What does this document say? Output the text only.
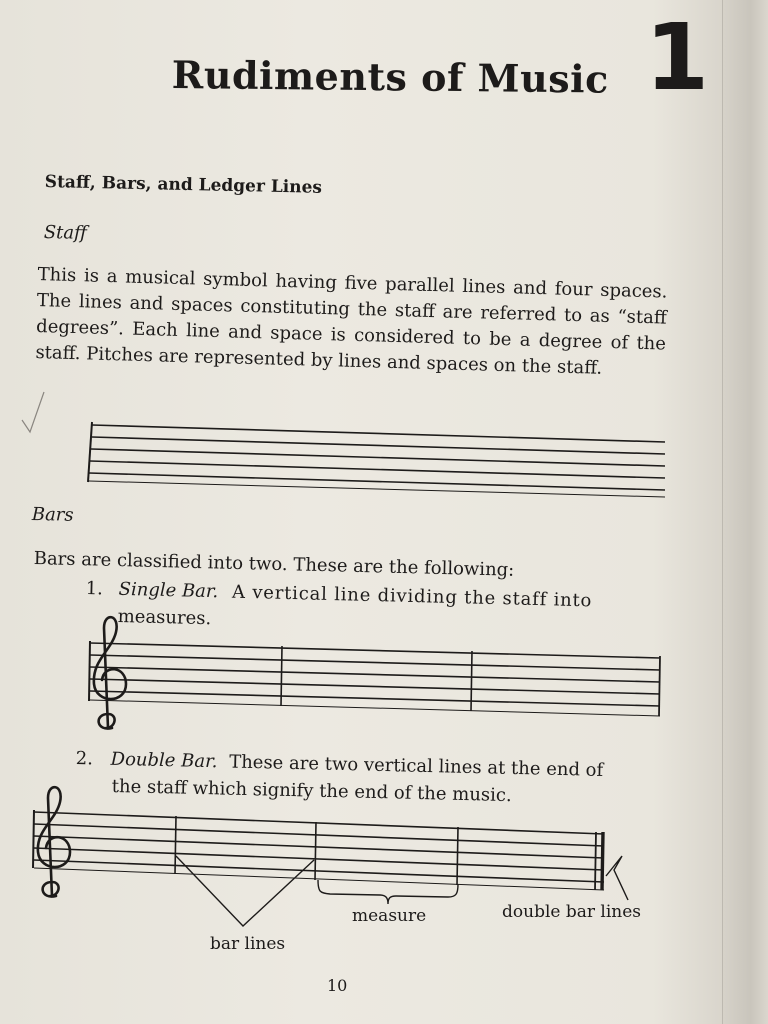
Rudiments of Music 1
Staff, Bars, and Ledger Lines
Staff
This is a musical symbol having five parallel lines and four spaces. The lines and spaces constituting the staff are referred to as “staff degrees”. Each line and space is considered to be a degree of the staff. Pitches are represented by lines and spaces on the staff.
Bars
Bars are classified into two. These are the following:
1. Single Bar. A vertical line dividing the staff into
measures.
2. Double Bar. These are two vertical lines at the end of
the staff which signify the end of the music.
measure	double bar lines
bar lines
10
